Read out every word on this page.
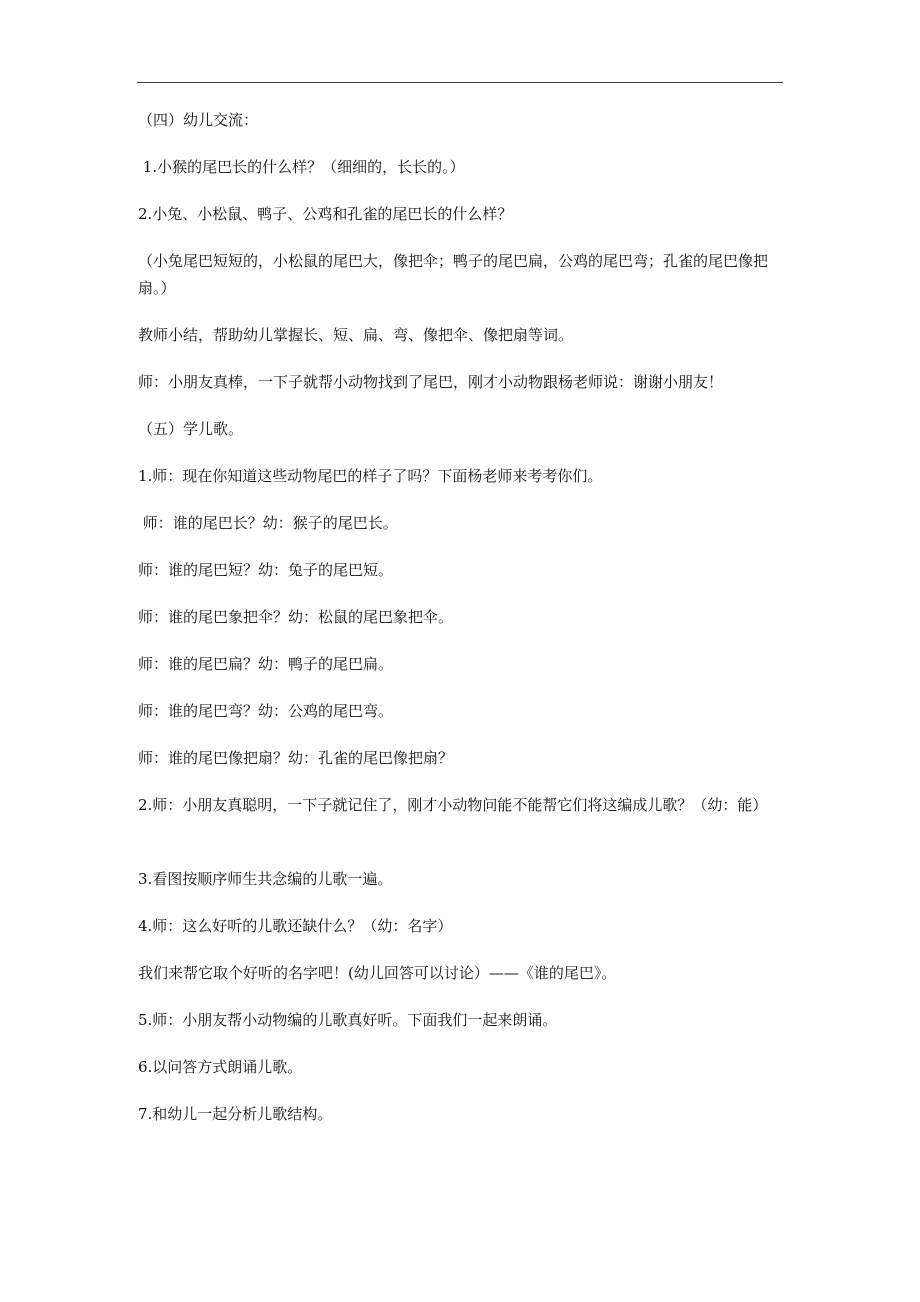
（四）幼儿交流：

1.小猴的尾巴长的什么样？（细细的，长长的。）

2.小兔、小松鼠、鸭子、公鸡和孔雀的尾巴长的什么样？

（小兔尾巴短短的，小松鼠的尾巴大，像把伞；鸭子的尾巴扁，公鸡的尾巴弯；孔雀的尾巴像把扇。）

教师小结，帮助幼儿掌握长、短、扁、弯、像把伞、像把扇等词。

师：小朋友真棒，一下子就帮小动物找到了尾巴，刚才小动物跟杨老师说：谢谢小朋友！

（五）学儿歌。

1.师：现在你知道这些动物尾巴的样子了吗？下面杨老师来考考你们。

师：谁的尾巴长？幼：猴子的尾巴长。

师：谁的尾巴短？幼：兔子的尾巴短。

师：谁的尾巴象把伞？幼：松鼠的尾巴象把伞。

师：谁的尾巴扁？幼：鸭子的尾巴扁。

师：谁的尾巴弯？幼：公鸡的尾巴弯。

师：谁的尾巴像把扇？幼：孔雀的尾巴像把扇？

2.师：小朋友真聪明，一下子就记住了，刚才小动物问能不能帮它们将这编成儿歌？（幼：能）

3.看图按顺序师生共念编的儿歌一遍。

4.师：这么好听的儿歌还缺什么？（幼：名字）

我们来帮它取个好听的名字吧！(幼儿回答可以讨论）——《谁的尾巴》。

5.师：小朋友帮小动物编的儿歌真好听。下面我们一起来朗诵。

6.以问答方式朗诵儿歌。

7.和幼儿一起分析儿歌结构。
